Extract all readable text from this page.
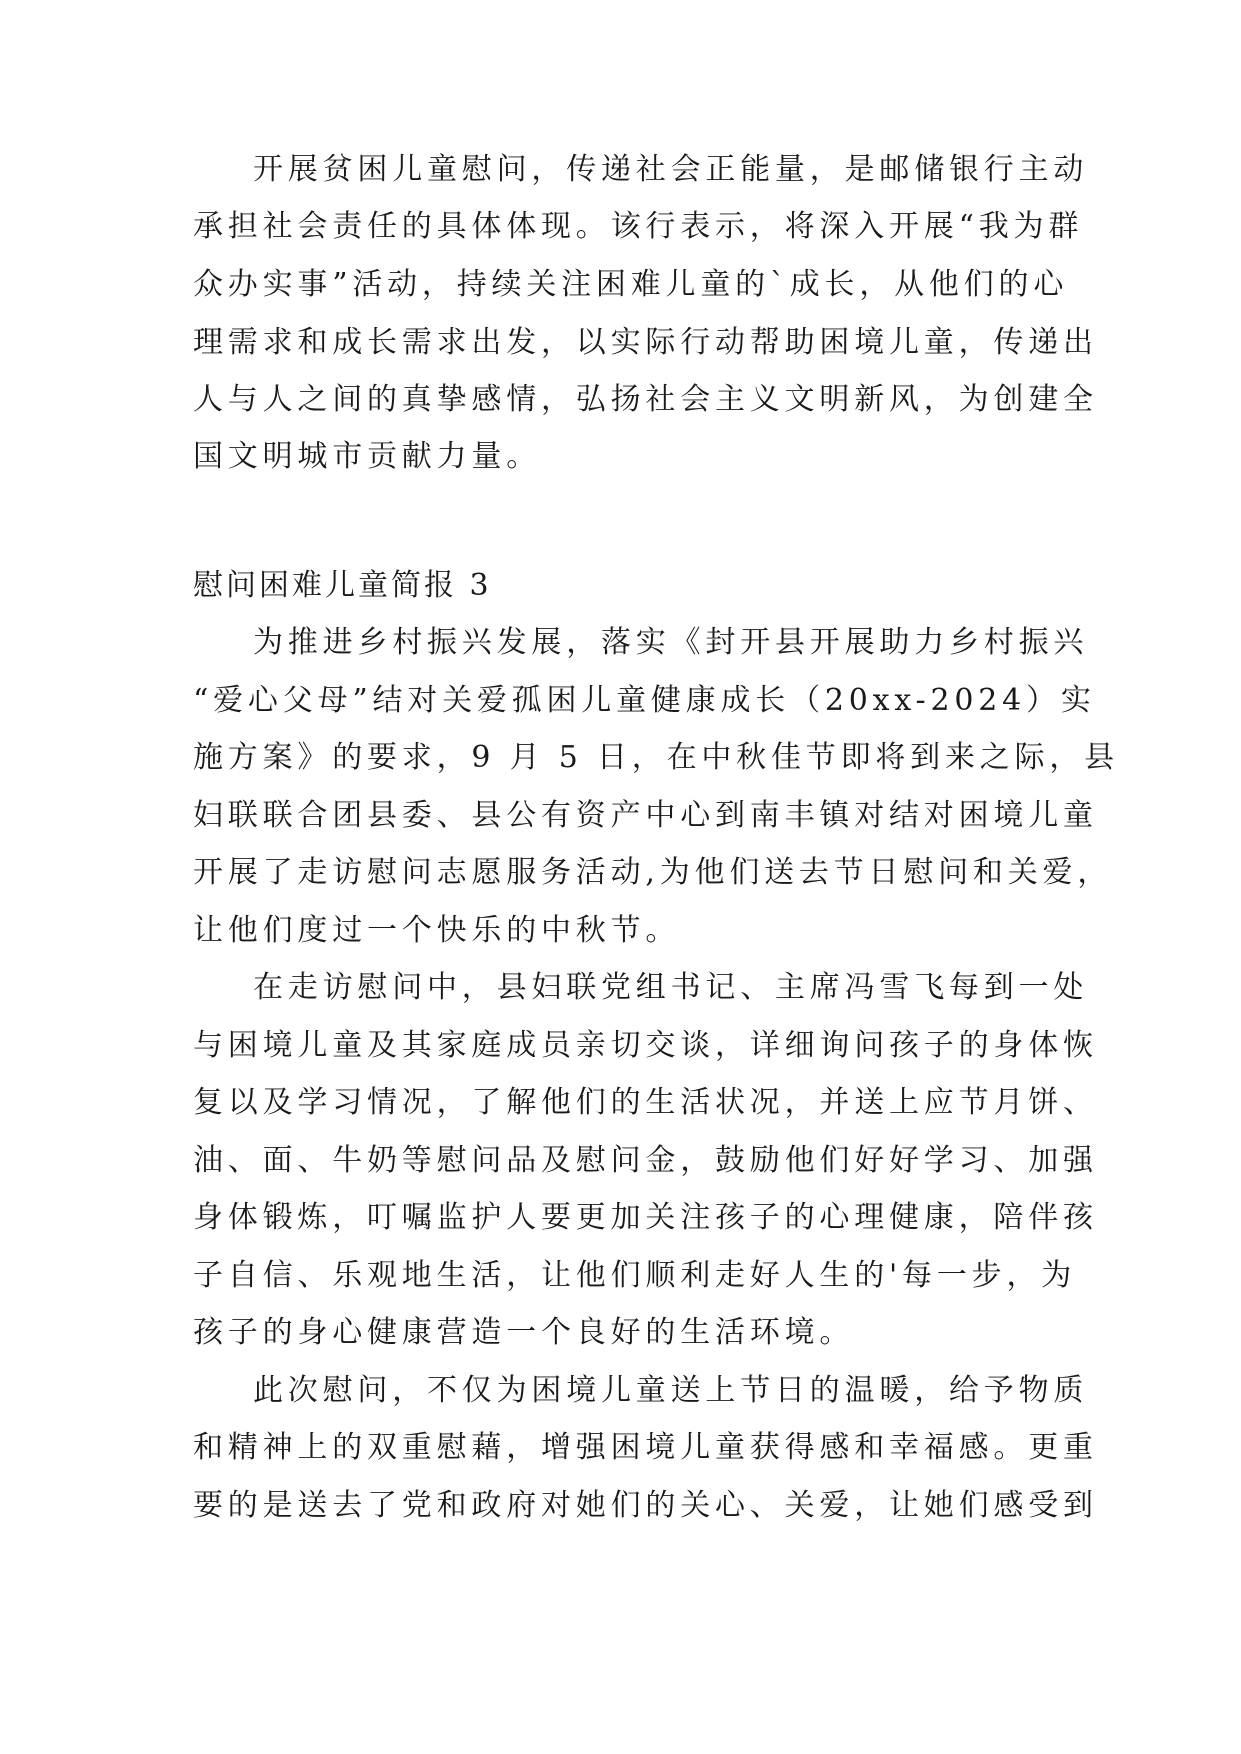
开展贫困儿童慰问，传递社会正能量，是邮储银行主动

承担社会责任的具体体现。该行表示，将深入开展“我为群

众办实事”活动，持续关注困难儿童的`成长，从他们的心

理需求和成长需求出发，以实际行动帮助困境儿童，传递出

人与人之间的真挚感情，弘扬社会主义文明新风，为创建全

国文明城市贡献力量。

慰问困难儿童简报 3

为推进乡村振兴发展，落实《封开县开展助力乡村振兴

“爱心父母”结对关爱孤困儿童健康成长（20xx-2024）实

施方案》的要求，9 月 5 日，在中秋佳节即将到来之际，县

妇联联合团县委、县公有资产中心到南丰镇对结对困境儿童

开展了走访慰问志愿服务活动,为他们送去节日慰问和关爱，

让他们度过一个快乐的中秋节。

在走访慰问中，县妇联党组书记、主席冯雪飞每到一处

与困境儿童及其家庭成员亲切交谈，详细询问孩子的身体恢

复以及学习情况，了解他们的生活状况，并送上应节月饼、

油、面、牛奶等慰问品及慰问金，鼓励他们好好学习、加强

身体锻炼，叮嘱监护人要更加关注孩子的心理健康，陪伴孩

子自信、乐观地生活，让他们顺利走好人生的'每一步，为

孩子的身心健康营造一个良好的生活环境。

此次慰问，不仅为困境儿童送上节日的温暖，给予物质

和精神上的双重慰藉，增强困境儿童获得感和幸福感。更重

要的是送去了党和政府对她们的关心、关爱，让她们感受到
